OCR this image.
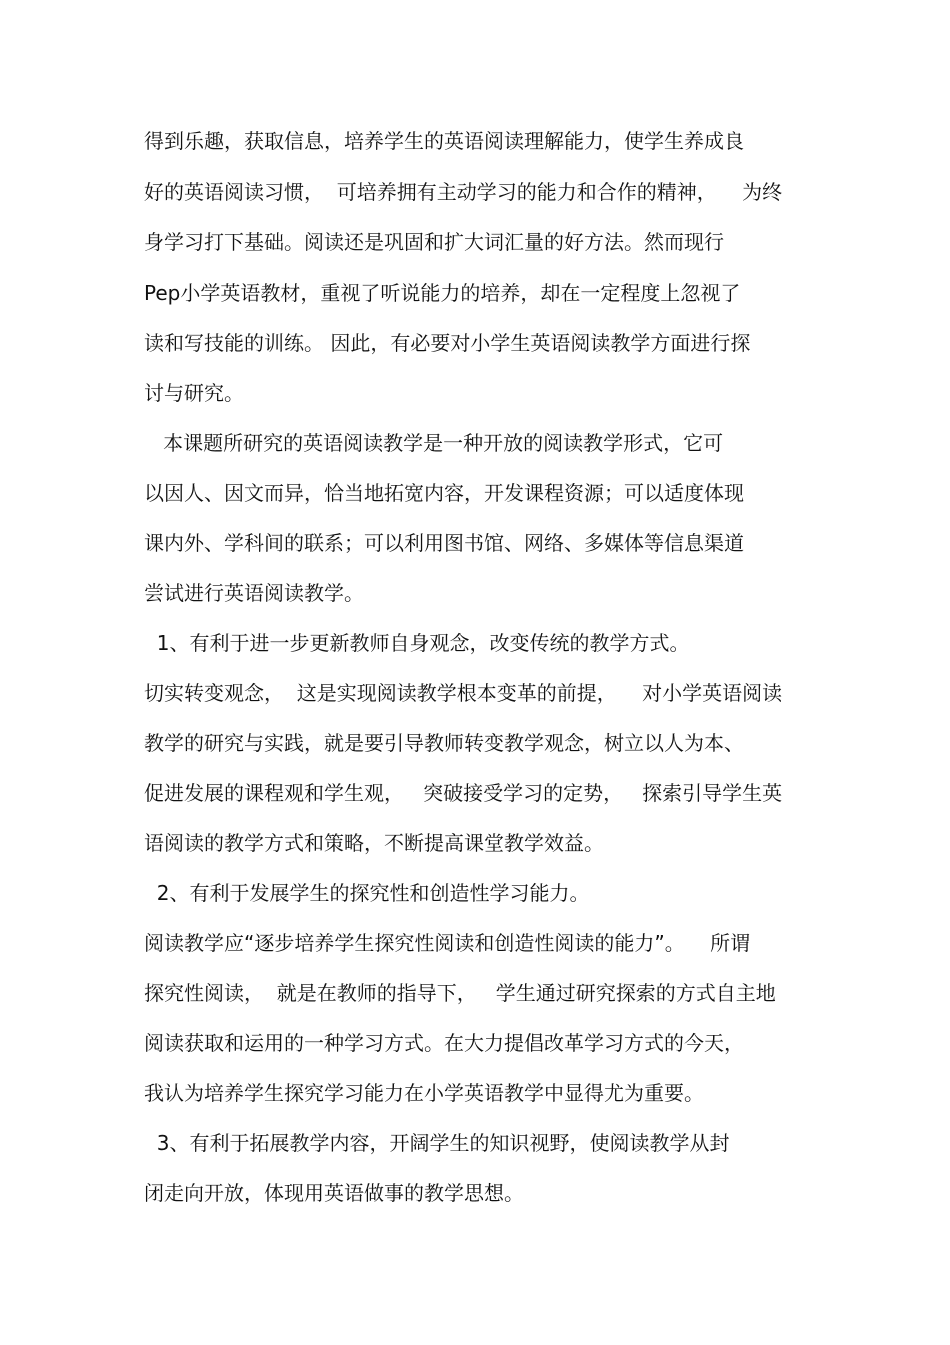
得到乐趣，获取信息，培养学生的英语阅读理解能力，使学生养成良
好的英语阅读习惯，  可培养拥有主动学习的能力和合作的精神，    为终
身学习打下基础。阅读还是巩固和扩大词汇量的好方法。然而现行
Pep小学英语教材，重视了听说能力的培养，却在一定程度上忽视了
读和写技能的训练。 因此，有必要对小学生英语阅读教学方面进行探
讨与研究。
本课题所研究的英语阅读教学是一种开放的阅读教学形式，它可
以因人、因文而异，恰当地拓宽内容，开发课程资源；可以适度体现
课内外、学科间的联系；可以利用图书馆、网络、多媒体等信息渠道
尝试进行英语阅读教学。
1、有利于进一步更新教师自身观念，改变传统的教学方式。
切实转变观念，  这是实现阅读教学根本变革的前提，    对小学英语阅读
教学的研究与实践，就是要引导教师转变教学观念，树立以人为本、
促进发展的课程观和学生观，   突破接受学习的定势，   探索引导学生英
语阅读的教学方式和策略，不断提高课堂教学效益。
2、有利于发展学生的探究性和创造性学习能力。
阅读教学应“逐步培养学生探究性阅读和创造性阅读的能力”。    所谓
探究性阅读，  就是在教师的指导下，   学生通过研究探索的方式自主地
阅读获取和运用的一种学习方式。在大力提倡改革学习方式的今天，
我认为培养学生探究学习能力在小学英语教学中显得尤为重要。
3、有利于拓展教学内容，开阔学生的知识视野，使阅读教学从封
闭走向开放，体现用英语做事的教学思想。
